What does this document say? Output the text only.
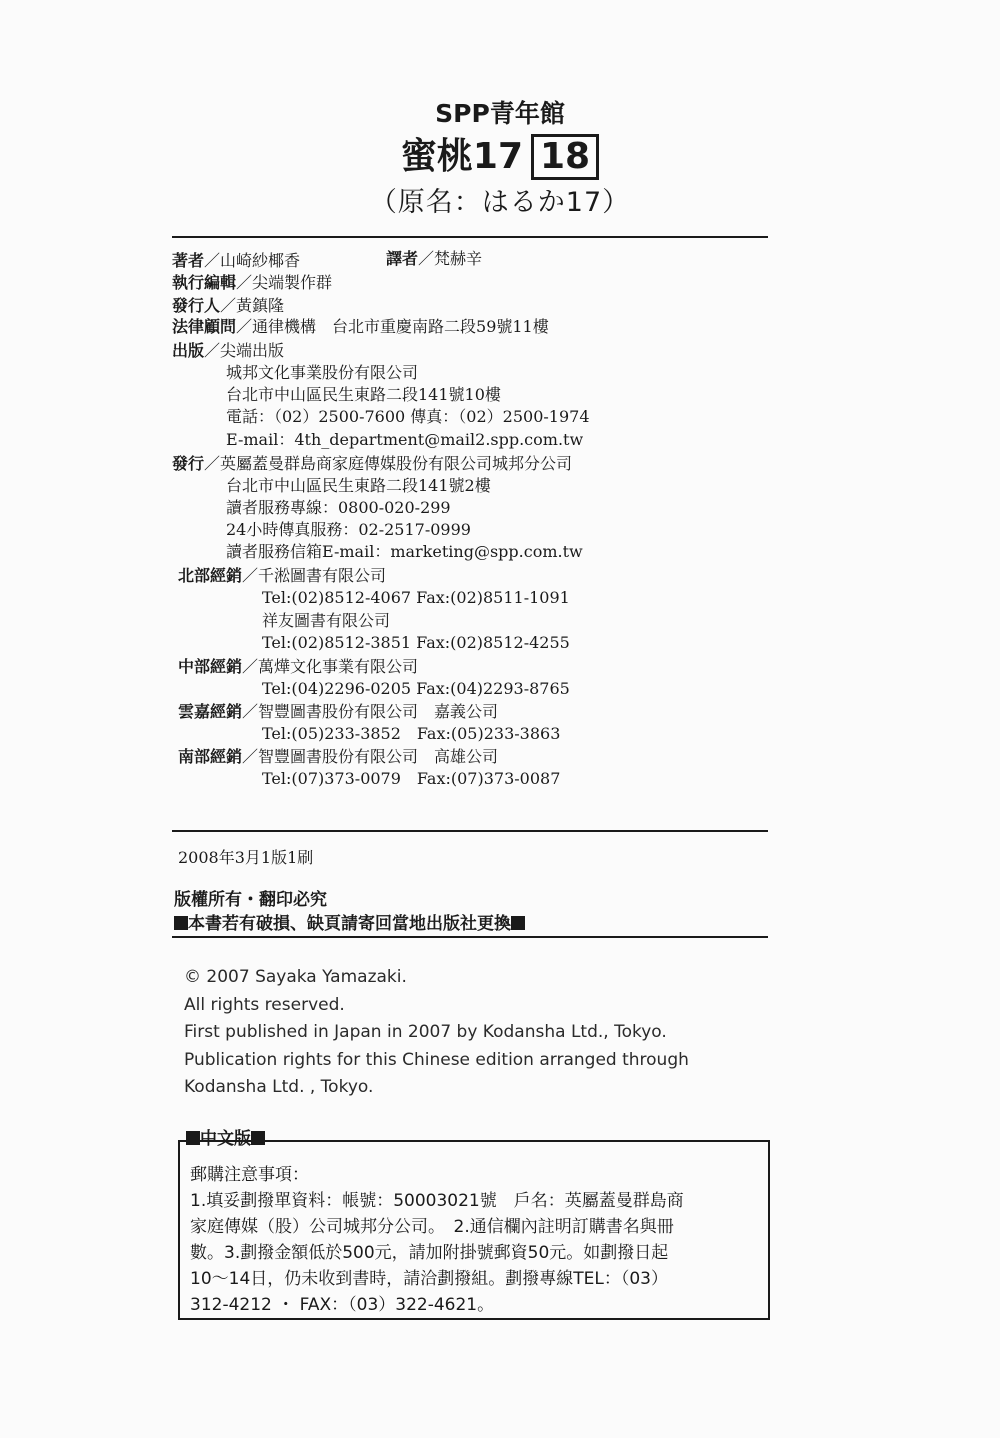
SPP青年館
蜜桃17 18
（原名：はるか17）
著者／山崎紗椰香	譯者／梵赫辛
執行編輯／尖端製作群
發行人／黃鎮隆
法律顧問／通律機構　台北市重慶南路二段59號11樓
出版／尖端出版
城邦文化事業股份有限公司
台北市中山區民生東路二段141號10樓
電話：（02）2500-7600 傳真：（02）2500-1974
E-mail：4th_department@mail2.spp.com.tw
發行／英屬蓋曼群島商家庭傳媒股份有限公司城邦分公司
台北市中山區民生東路二段141號2樓
讀者服務專線：0800-020-299
24小時傳真服務：02-2517-0999
讀者服務信箱E-mail：marketing@spp.com.tw
北部經銷／千淞圖書有限公司
Tel:(02)8512-4067 Fax:(02)8511-1091
祥友圖書有限公司
Tel:(02)8512-3851 Fax:(02)8512-4255
中部經銷／萬燁文化事業有限公司
Tel:(04)2296-0205 Fax:(04)2293-8765
雲嘉經銷／智豐圖書股份有限公司　嘉義公司
Tel:(05)233-3852　Fax:(05)233-3863
南部經銷／智豐圖書股份有限公司　高雄公司
Tel:(07)373-0079　Fax:(07)373-0087
2008年3月1版1刷
版權所有・翻印必究
本書若有破損、缺頁請寄回當地出版社更換
© 2007 Sayaka Yamazaki.
All rights reserved.
First published in Japan in 2007 by Kodansha Ltd., Tokyo.
Publication rights for this Chinese edition arranged through
Kodansha Ltd. , Tokyo.
中文版
郵購注意事項：
1.填妥劃撥單資料：帳號：50003021號　戶名：英屬蓋曼群島商
家庭傳媒（股）公司城邦分公司。　2.通信欄內註明訂購書名與冊
數。3.劃撥金額低於500元，請加附掛號郵資50元。如劃撥日起
10～14日，仍未收到書時，請洽劃撥組。劃撥專線TEL：（03）
312-4212 ・ FAX：（03）322-4621。
